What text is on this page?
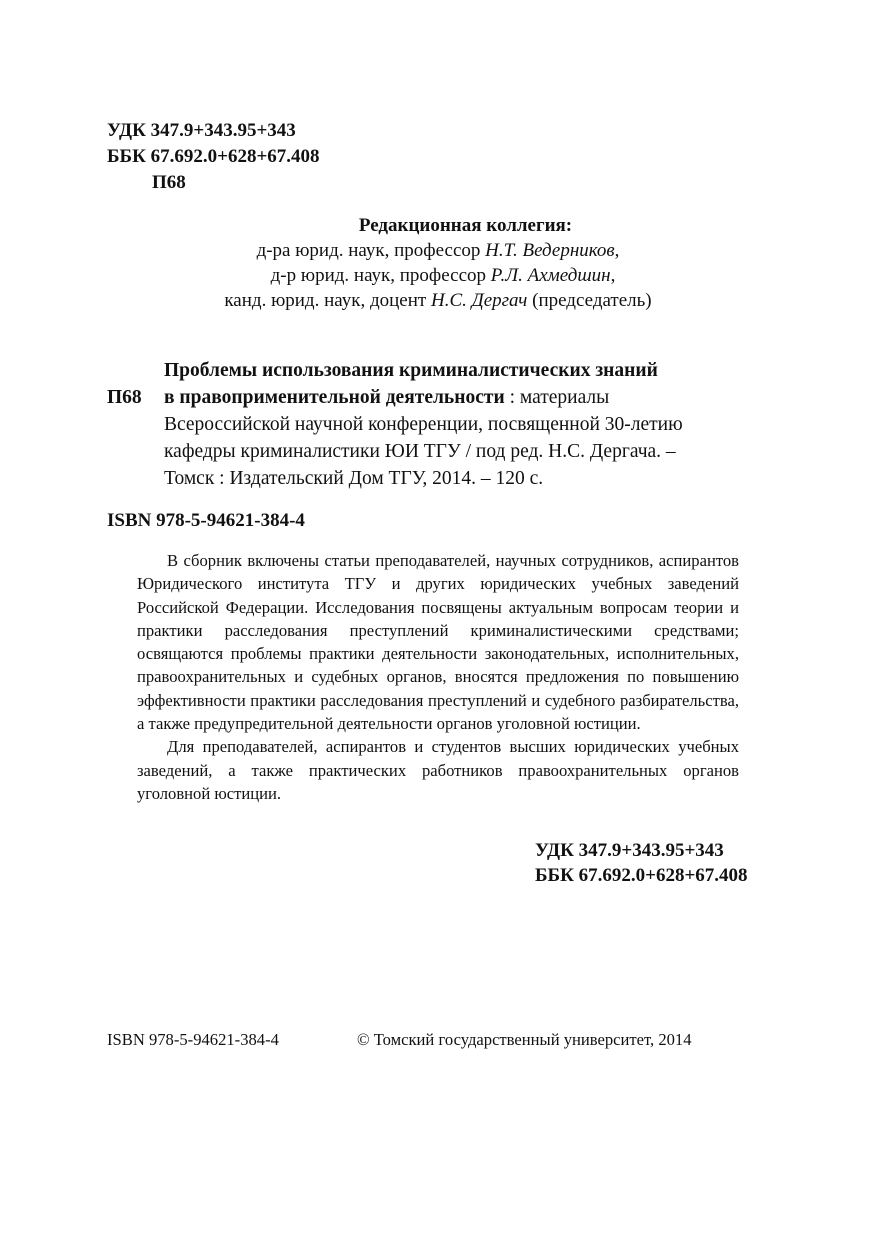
УДК 347.9+343.95+343
ББК 67.692.0+628+67.408
П68
Редакционная коллегия:
д-ра юрид. наук, профессор Н.Т. Ведерников,
д-р юрид. наук, профессор Р.Л. Ахмедшин,
канд. юрид. наук, доцент Н.С. Дергач (председатель)
П68
Проблемы использования криминалистических знаний
в правоприменительной деятельности : материалы
Всероссийской научной конференции, посвященной 30-летию
кафедры криминалистики ЮИ ТГУ / под ред. Н.С. Дергача. –
Томск : Издательский Дом ТГУ, 2014. – 120 с.
ISBN 978-5-94621-384-4

В сборник включены статьи преподавателей, научных сотрудников, аспирантов Юридического института ТГУ и других юридических учебных заведений Российской Федерации. Исследования посвящены актуальным вопросам теории и практики расследования преступлений криминалистическими средствами; освящаются проблемы практики деятельности законодательных, исполнительных, правоохранительных и судебных органов, вносятся предложения по повышению эффективности практики расследования преступлений и судебного разбирательства, а также предупредительной деятельности органов уголовной юстиции.

Для преподавателей, аспирантов и студентов высших юридических учебных заведений, а также практических работников правоохранительных органов уголовной юстиции.

УДК 347.9+343.95+343
ББК 67.692.0+628+67.408
ISBN 978-5-94621-384-4	© Томский государственный университет, 2014
